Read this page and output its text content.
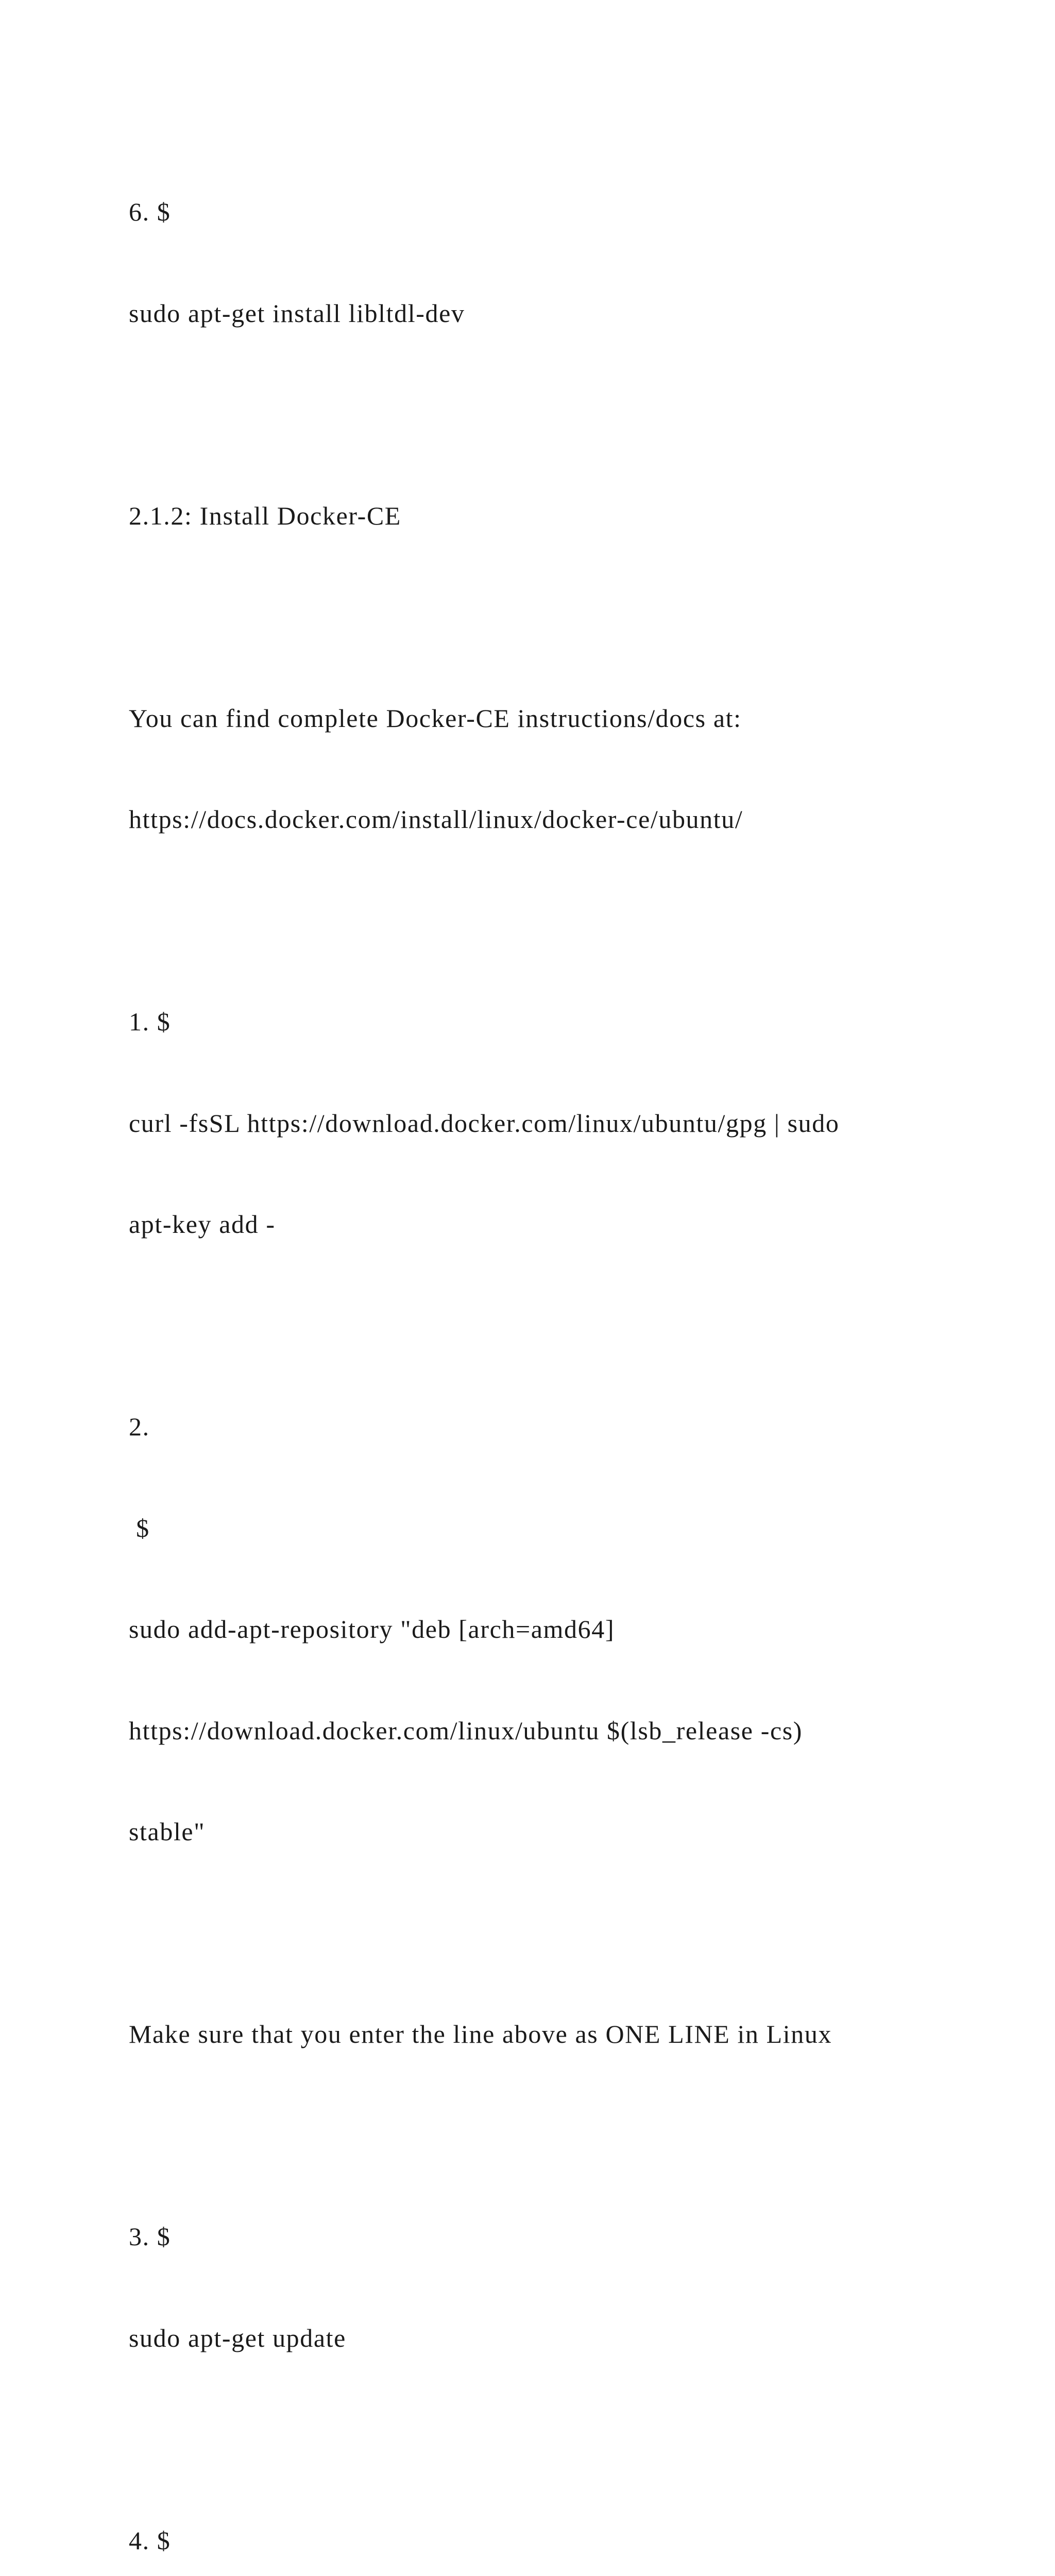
6. $

sudo apt-get install libltdl-dev

2.1.2: Install Docker-CE

You can find complete Docker-CE instructions/docs at:

https://docs.docker.com/install/linux/docker-ce/ubuntu/

1. $

curl -fsSL https://download.docker.com/linux/ubuntu/gpg | sudo

apt-key add -

2.

$

sudo add-apt-repository "deb [arch=amd64]

https://download.docker.com/linux/ubuntu $(lsb_release -cs)

stable"

Make sure that you enter the line above as ONE LINE in Linux

3. $

sudo apt-get update

4. $
